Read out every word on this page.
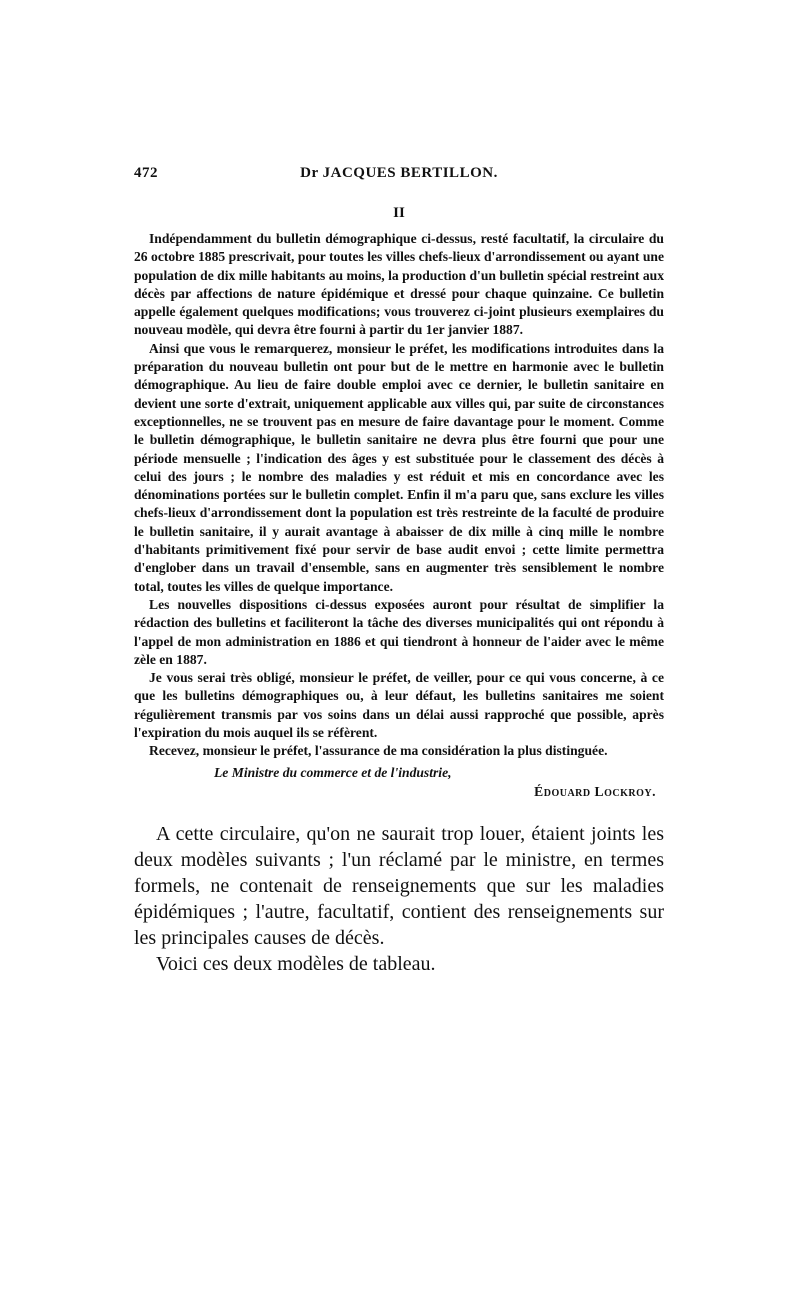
472	Dr JACQUES BERTILLON.
II

Indépendamment du bulletin démographique ci-dessus, resté facultatif, la circulaire du 26 octobre 1885 prescrivait, pour toutes les villes chefs-lieux d'arrondissement ou ayant une population de dix mille habitants au moins, la production d'un bulletin spécial restreint aux décès par affections de nature épidémique et dressé pour chaque quinzaine. Ce bulletin appelle également quelques modifications; vous trouverez ci-joint plusieurs exemplaires du nouveau modèle, qui devra être fourni à partir du 1er janvier 1887.

Ainsi que vous le remarquerez, monsieur le préfet, les modifications introduites dans la préparation du nouveau bulletin ont pour but de le mettre en harmonie avec le bulletin démographique. Au lieu de faire double emploi avec ce dernier, le bulletin sanitaire en devient une sorte d'extrait, uniquement applicable aux villes qui, par suite de circonstances exceptionnelles, ne se trouvent pas en mesure de faire davantage pour le moment. Comme le bulletin démographique, le bulletin sanitaire ne devra plus être fourni que pour une période mensuelle ; l'indication des âges y est substituée pour le classement des décès à celui des jours ; le nombre des maladies y est réduit et mis en concordance avec les dénominations portées sur le bulletin complet. Enfin il m'a paru que, sans exclure les villes chefs-lieux d'arrondissement dont la population est très restreinte de la faculté de produire le bulletin sanitaire, il y aurait avantage à abaisser de dix mille à cinq mille le nombre d'habitants primitivement fixé pour servir de base audit envoi ; cette limite permettra d'englober dans un travail d'ensemble, sans en augmenter très sensiblement le nombre total, toutes les villes de quelque importance.

Les nouvelles dispositions ci-dessus exposées auront pour résultat de simplifier la rédaction des bulletins et faciliteront la tâche des diverses municipalités qui ont répondu à l'appel de mon administration en 1886 et qui tiendront à honneur de l'aider avec le même zèle en 1887.

Je vous serai très obligé, monsieur le préfet, de veiller, pour ce qui vous concerne, à ce que les bulletins démographiques ou, à leur défaut, les bulletins sanitaires me soient régulièrement transmis par vos soins dans un délai aussi rapproché que possible, après l'expiration du mois auquel ils se réfèrent.

Recevez, monsieur le préfet, l'assurance de ma considération la plus distinguée.

Le Ministre du commerce et de l'industrie,
Édouard Lockroy.

A cette circulaire, qu'on ne saurait trop louer, étaient joints les deux modèles suivants ; l'un réclamé par le ministre, en termes formels, ne contenait de renseignements que sur les maladies épidémiques ; l'autre, facultatif, contient des renseignements sur les principales causes de décès.

Voici ces deux modèles de tableau.
